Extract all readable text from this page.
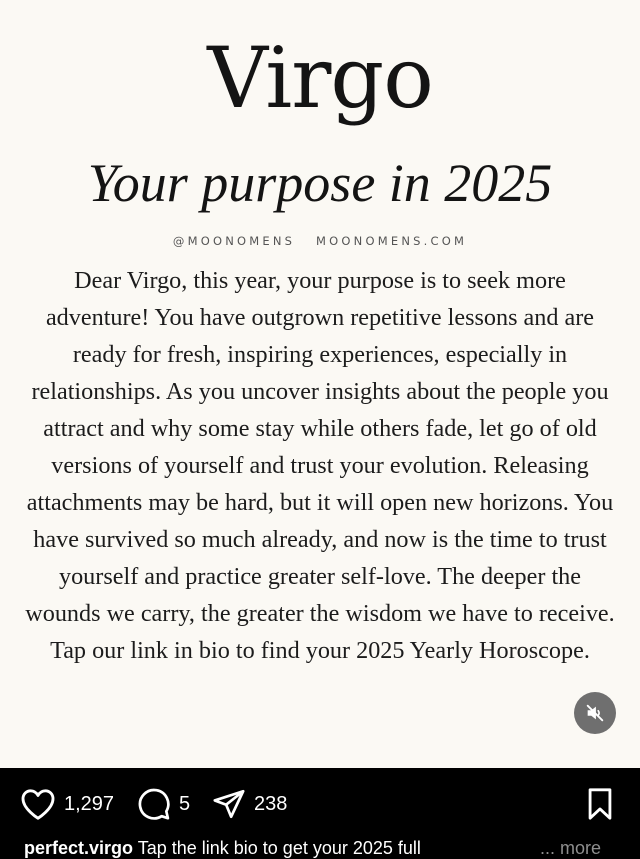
Virgo
Your purpose in 2025
@MOONOMENS MOONOMENS.COM
Dear Virgo, this year, your purpose is to seek more adventure! You have outgrown repetitive lessons and are ready for fresh, inspiring experiences, especially in relationships. As you uncover insights about the people you attract and why some stay while others fade, let go of old versions of yourself and trust your evolution. Releasing attachments may be hard, but it will open new horizons. You have survived so much already, and now is the time to trust yourself and practice greater self-love. The deeper the wounds we carry, the greater the wisdom we have to receive. Tap our link in bio to find your 2025 Yearly Horoscope.
1,297	5	238
perfect.virgo Tap the link bio to get your 2025 full	... more
